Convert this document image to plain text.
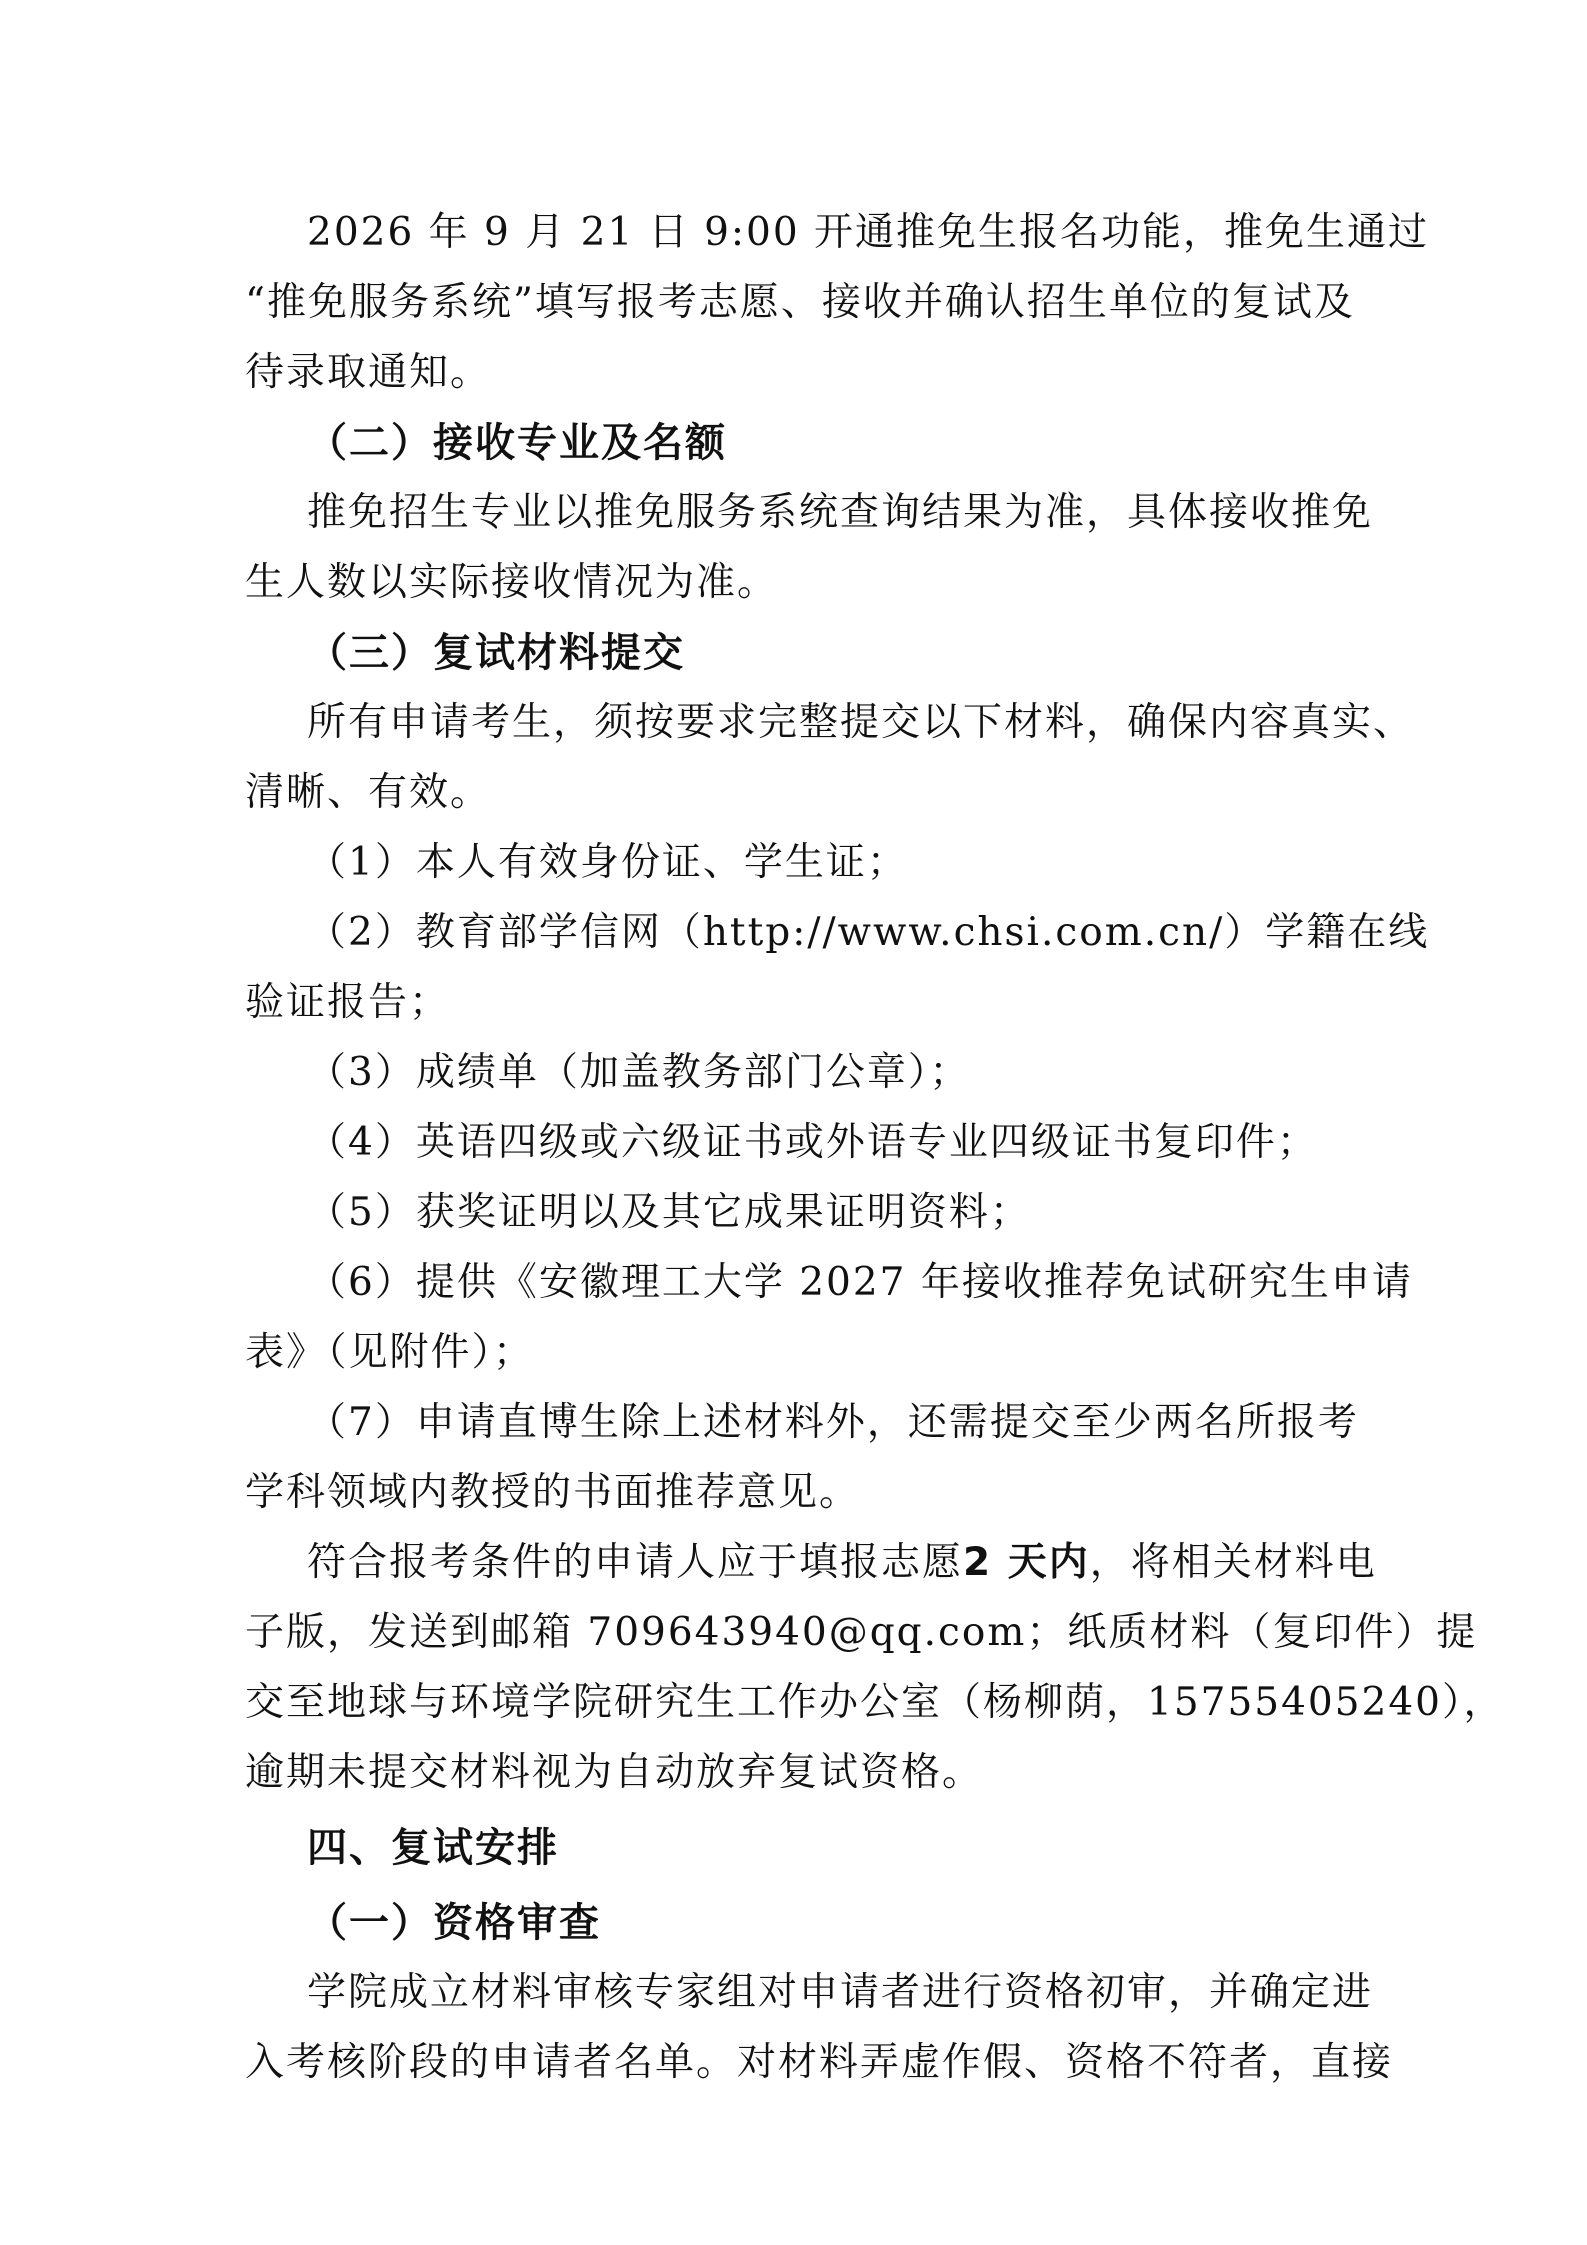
2026 年 9 月 21 日 9:00 开通推免生报名功能，推免生通过
“推免服务系统”填写报考志愿、接收并确认招生单位的复试及
待录取通知。
（二）接收专业及名额
推免招生专业以推免服务系统查询结果为准，具体接收推免
生人数以实际接收情况为准。
（三）复试材料提交
所有申请考生，须按要求完整提交以下材料，确保内容真实、
清晰、有效。
（1）本人有效身份证、学生证；
（2）教育部学信网（http://www.chsi.com.cn/）学籍在线
验证报告；
（3）成绩单（加盖教务部门公章）；
（4）英语四级或六级证书或外语专业四级证书复印件；
（5）获奖证明以及其它成果证明资料；
（6）提供《安徽理工大学 2027 年接收推荐免试研究生申请
表》（见附件）；
（7）申请直博生除上述材料外，还需提交至少两名所报考
学科领域内教授的书面推荐意见。
符合报考条件的申请人应于填报志愿2 天内，将相关材料电
子版，发送到邮箱 709643940@qq.com；纸质材料（复印件）提
交至地球与环境学院研究生工作办公室（杨柳荫，15755405240），
逾期未提交材料视为自动放弃复试资格。
四、复试安排
（一）资格审查
学院成立材料审核专家组对申请者进行资格初审，并确定进
入考核阶段的申请者名单。对材料弄虚作假、资格不符者，直接
